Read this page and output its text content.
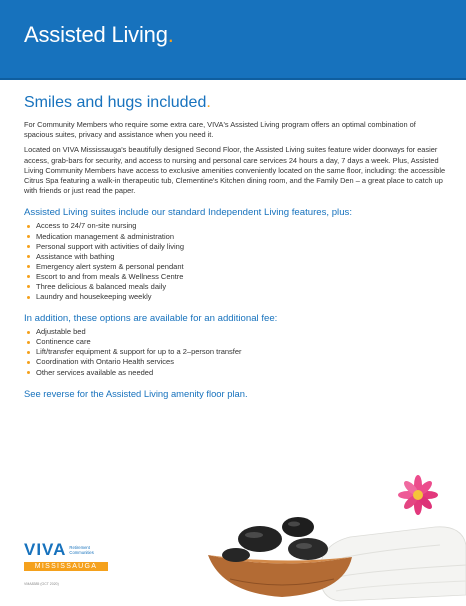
Assisted Living.
Smiles and hugs included.

For Community Members who require some extra care, VIVA's Assisted Living program offers an optimal combination of spacious suites, privacy and assistance when you need it.

Located on VIVA Mississauga's beautifully designed Second Floor, the Assisted Living suites feature wider doorways for easier access, grab-bars for security, and access to nursing and personal care services 24 hours a day, 7 days a week. Plus, Assisted Living Community Members have access to exclusive amenities conveniently located on the same floor, including: the accessible Citrus Spa featuring a walk-in therapeutic tub, Clementine's Kitchen dining room, and the Family Den – a great place to catch up with friends or just read the paper.

Assisted Living suites include our standard Independent Living features, plus:
Access to 24/7 on-site nursing
Medication management & administration
Personal support with activities of daily living
Assistance with bathing
Emergency alert system & personal pendant
Escort to and from meals & Wellness Centre
Three delicious & balanced meals daily
Laundry and housekeeping weekly
In addition, these options are available for an additional fee:
Adjustable bed
Continence care
Lift/transfer equipment & support for up to a 2–person transfer
Coordination with Ontario Health services
Other services available as needed
See reverse for the Assisted Living amenity floor plan.
VIVA Retirement Communities
MISSISSAUGA
VMA8385 (OCT 2020)
